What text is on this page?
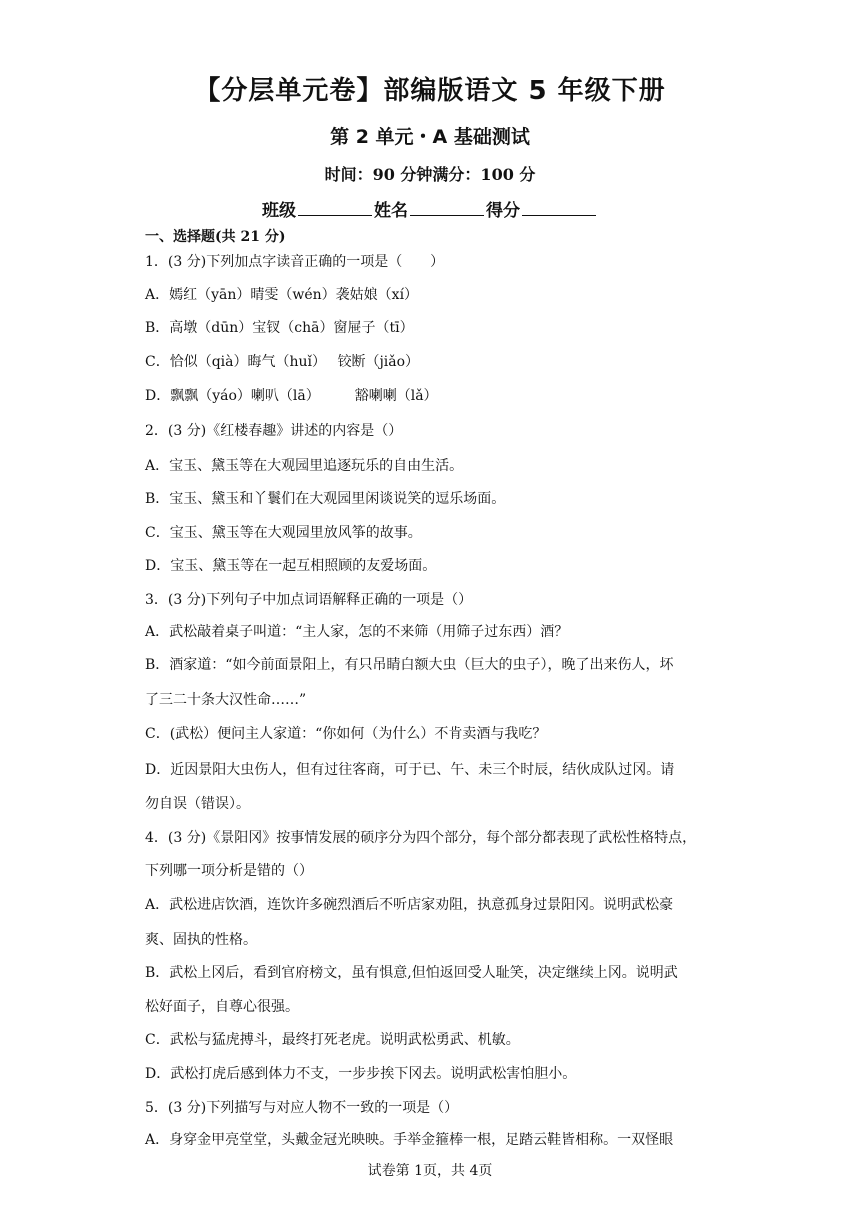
【分层单元卷】部编版语文 5 年级下册
第 2 单元・A 基础测试
时间：90 分钟满分：100 分
班级	姓名	得分
一、选择题(共 21 分)
1．(3 分)下列加点字读音正确的一项是（　　）
A．嫣红（yān）晴雯（wén）袭姑娘（xí）
B．高墩（dūn）宝钗（chā）窗屉子（tī）
C．恰似（qià）晦气（huǐ）　 铰断（jiǎo）
D．飘飘（yáo）喇叭（lā）　　　豁喇喇（lǎ）
2．(3 分)《红楼春趣》讲述的内容是（）
A．宝玉、黛玉等在大观园里追逐玩乐的自由生活。
B．宝玉、黛玉和丫鬟们在大观园里闲谈说笑的逗乐场面。
C．宝玉、黛玉等在大观园里放风筝的故事。
D．宝玉、黛玉等在一起互相照顾的友爱场面。
3．(3 分)下列句子中加点词语解释正确的一项是（）
A．武松敲着桌子叫道：“主人家，怎的不来筛（用筛子过东西）酒？
B．酒家道：“如今前面景阳上，有只吊睛白额大虫（巨大的虫子），晚了出来伤人，坏
了三二十条大汉性命……”
C．(武松）便问主人家道：“你如何（为什么）不肯卖酒与我吃？
D．近因景阳大虫伤人，但有过往客商，可于已、午、未三个时辰，结伙成队过冈。请
勿自误（错误）。
4．(3 分)《景阳冈》按事情发展的硕序分为四个部分，每个部分都表现了武松性格特点，
下列哪一项分析是错的（）
A．武松进店饮酒，连饮许多碗烈酒后不听店家劝阻，执意孤身过景阳冈。说明武松豪
爽、固执的性格。
B．武松上冈后，看到官府榜文，虽有惧意,但怕返回受人耻笑，决定继续上冈。说明武
松好面子，自尊心很强。
C．武松与猛虎搏斗，最终打死老虎。说明武松勇武、机敏。
D．武松打虎后感到体力不支，一步步挨下冈去。说明武松害怕胆小。
5．(3 分)下列描写与对应人物不一致的一项是（）
A．身穿金甲亮堂堂，头戴金冠光映映。手举金箍棒一根，足踏云鞋皆相称。一双怪眼
试卷第 1页，共 4页
